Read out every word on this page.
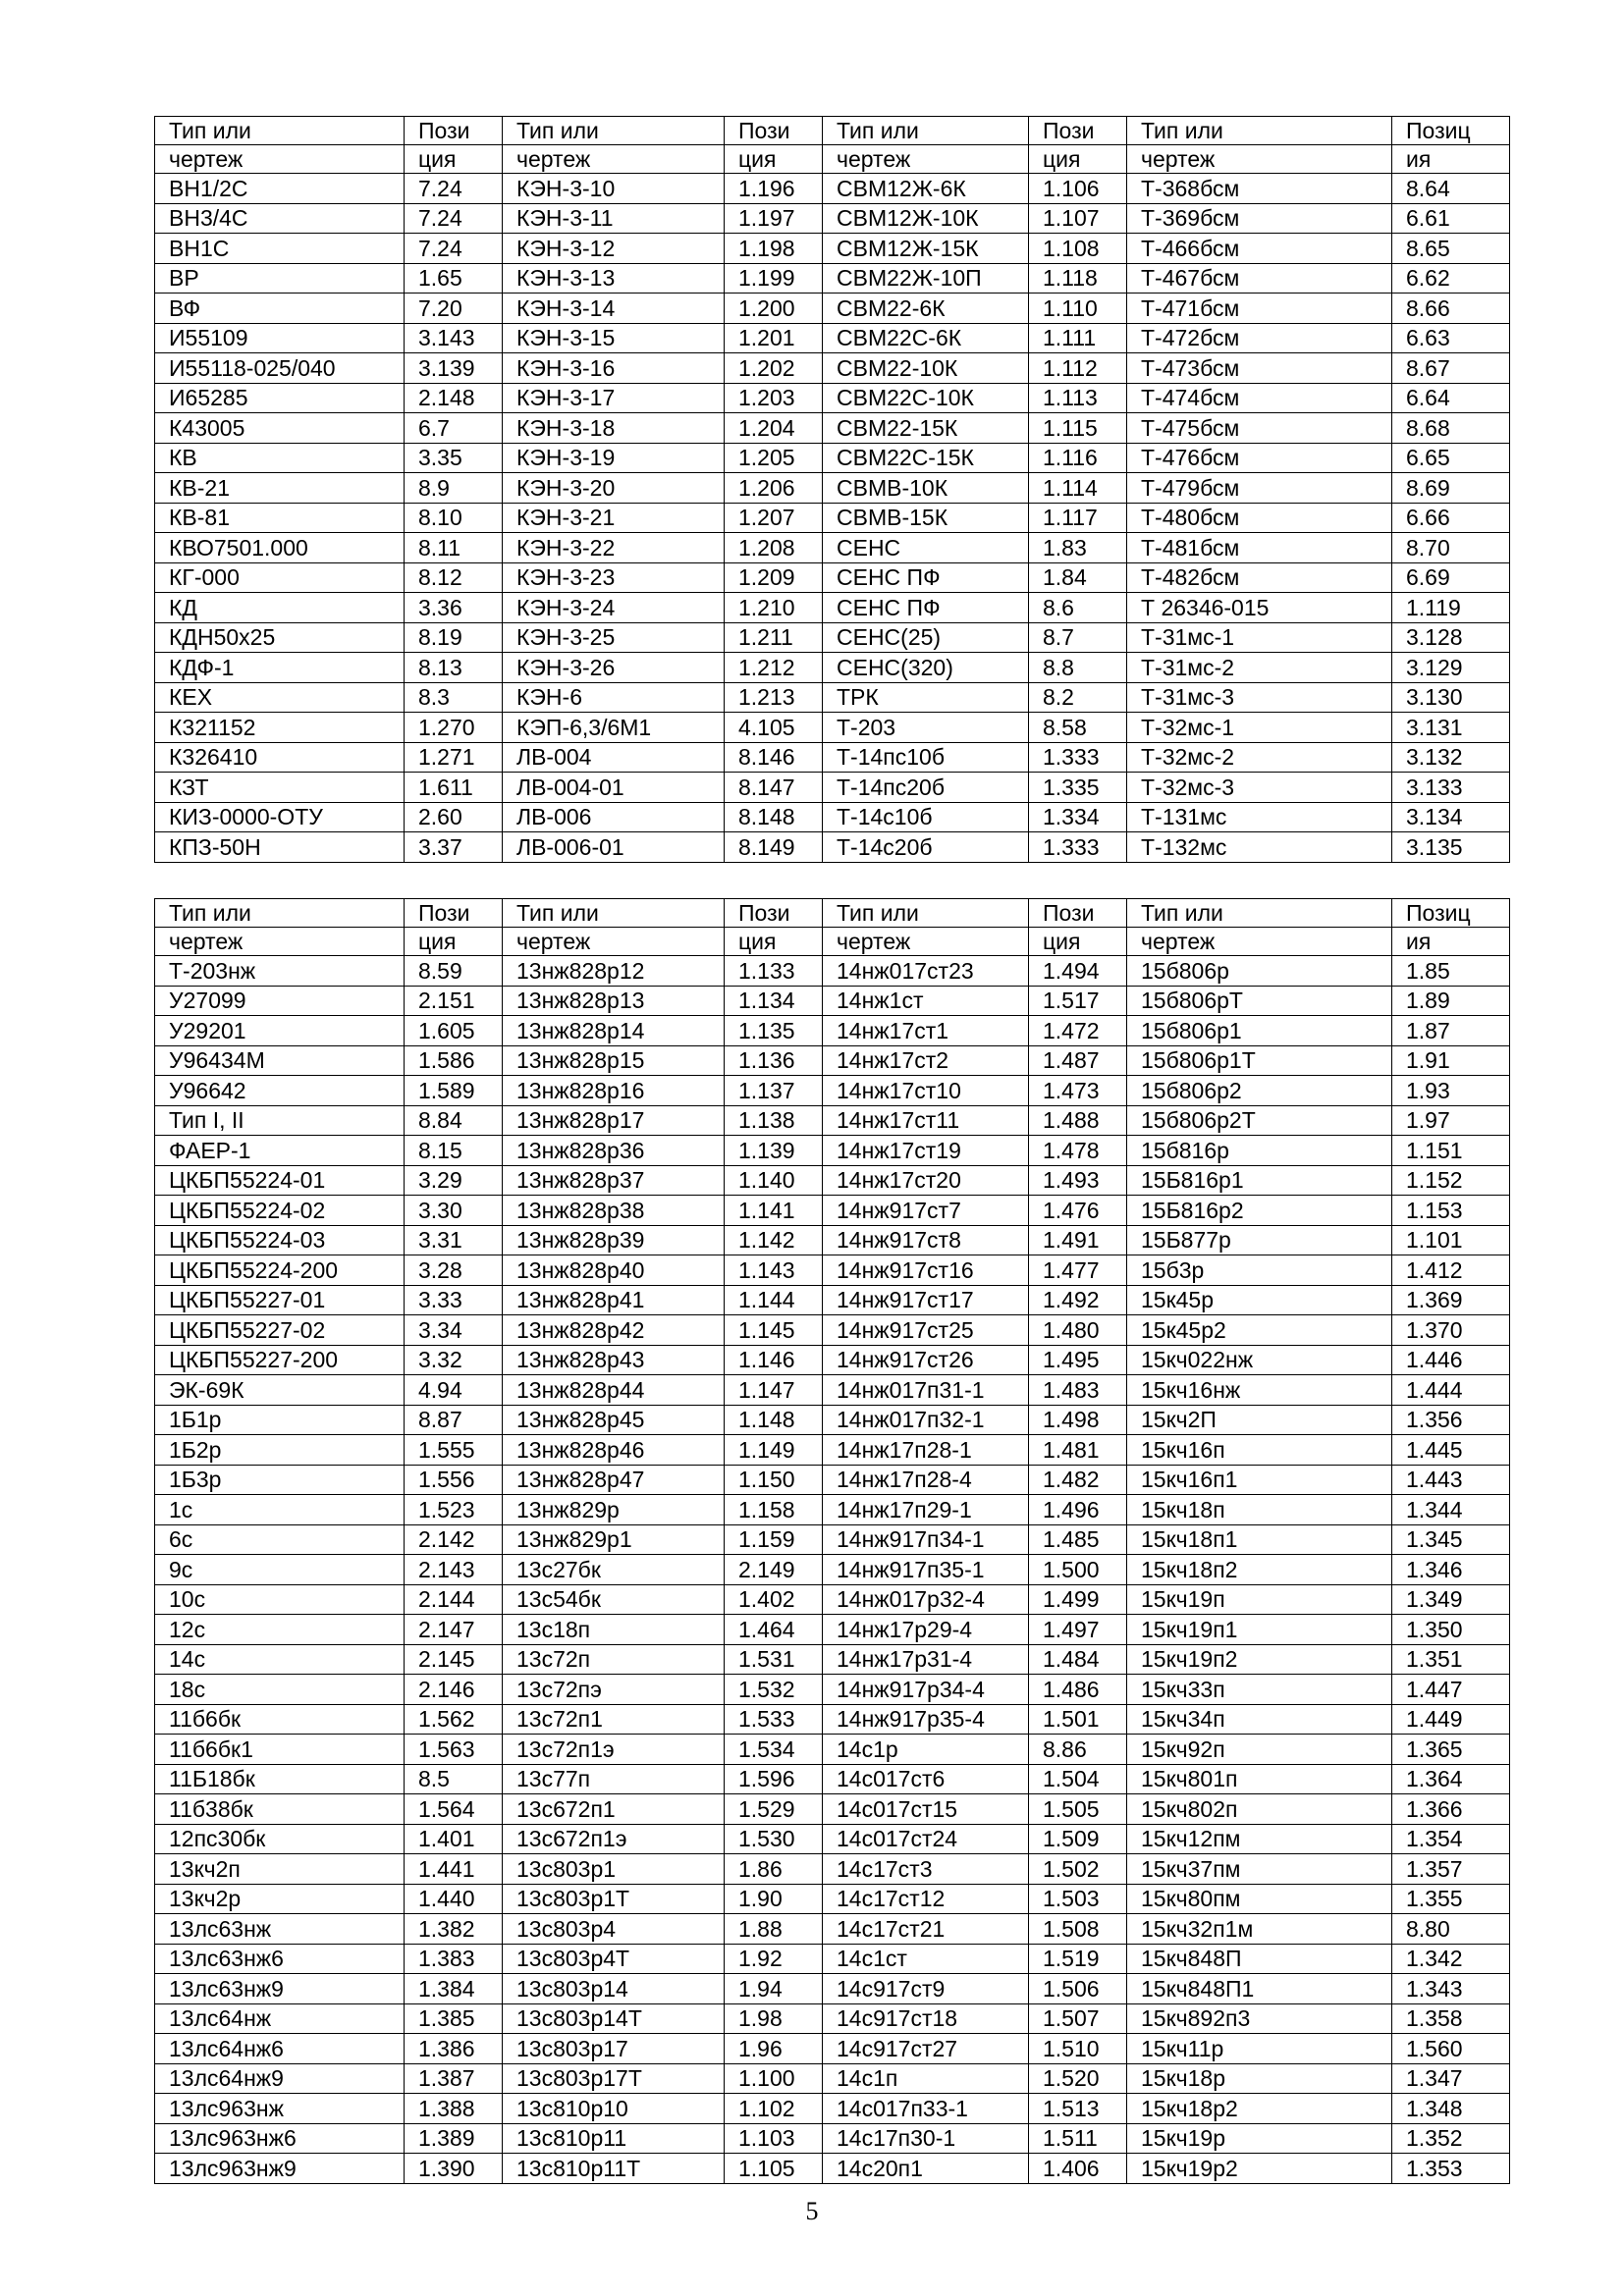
Тип или	Пози	Тип или	Пози	Тип или	Пози	Тип или	Позиц
чертеж	ция	чертеж	ция	чертеж	ция	чертеж	ия
ВН1/2С	7.24	КЭН-3-10	1.196	СВМ12Ж-6К	1.106	Т-368бсм	8.64
ВН3/4С	7.24	КЭН-3-11	1.197	СВМ12Ж-10К	1.107	Т-369бсм	6.61
ВН1С	7.24	КЭН-3-12	1.198	СВМ12Ж-15К	1.108	Т-466бсм	8.65
ВР	1.65	КЭН-3-13	1.199	СВМ22Ж-10П	1.118	Т-467бсм	6.62
ВФ	7.20	КЭН-3-14	1.200	СВМ22-6К	1.110	Т-471бсм	8.66
И55109	3.143	КЭН-3-15	1.201	СВМ22С-6К	1.111	Т-472бсм	6.63
И55118-025/040	3.139	КЭН-3-16	1.202	СВМ22-10К	1.112	Т-473бсм	8.67
И65285	2.148	КЭН-3-17	1.203	СВМ22С-10К	1.113	Т-474бсм	6.64
К43005	6.7	КЭН-3-18	1.204	СВМ22-15К	1.115	Т-475бсм	8.68
КВ	3.35	КЭН-3-19	1.205	СВМ22С-15К	1.116	Т-476бсм	6.65
КВ-21	8.9	КЭН-3-20	1.206	СВМВ-10К	1.114	Т-479бсм	8.69
КВ-81	8.10	КЭН-3-21	1.207	СВМВ-15К	1.117	Т-480бсм	6.66
КВО7501.000	8.11	КЭН-3-22	1.208	СЕНС	1.83	Т-481бсм	8.70
КГ-000	8.12	КЭН-3-23	1.209	СЕНС ПФ	1.84	Т-482бсм	6.69
КД	3.36	КЭН-3-24	1.210	СЕНС ПФ	8.6	Т 26346-015	1.119
КДН50х25	8.19	КЭН-3-25	1.211	СЕНС(25)	8.7	Т-31мс-1	3.128
КДФ-1	8.13	КЭН-3-26	1.212	СЕНС(320)	8.8	Т-31мс-2	3.129
КЕХ	8.3	КЭН-6	1.213	ТРК	8.2	Т-31мс-3	3.130
К321152	1.270	КЭП-6,3/6М1	4.105	Т-203	8.58	Т-32мс-1	3.131
К326410	1.271	ЛВ-004	8.146	Т-14пс10б	1.333	Т-32мс-2	3.132
КЗТ	1.611	ЛВ-004-01	8.147	Т-14пс20б	1.335	Т-32мс-3	3.133
КИЗ-0000-ОТУ	2.60	ЛВ-006	8.148	Т-14с10б	1.334	Т-131мс	3.134
КПЗ-50Н	3.37	ЛВ-006-01	8.149	Т-14с20б	1.333	Т-132мс	3.135
Тип или	Пози	Тип или	Пози	Тип или	Пози	Тип или	Позиц
чертеж	ция	чертеж	ция	чертеж	ция	чертеж	ия
Т-203нж	8.59	13нж828р12	1.133	14нж017ст23	1.494	15б806р	1.85
У27099	2.151	13нж828р13	1.134	14нж1ст	1.517	15б806рТ	1.89
У29201	1.605	13нж828р14	1.135	14нж17ст1	1.472	15б806р1	1.87
У96434М	1.586	13нж828р15	1.136	14нж17ст2	1.487	15б806р1Т	1.91
У96642	1.589	13нж828р16	1.137	14нж17ст10	1.473	15б806р2	1.93
Тип I, II	8.84	13нж828р17	1.138	14нж17ст11	1.488	15б806р2Т	1.97
ФАЕР-1	8.15	13нж828р36	1.139	14нж17ст19	1.478	15б816р	1.151
ЦКБП55224-01	3.29	13нж828р37	1.140	14нж17ст20	1.493	15Б816р1	1.152
ЦКБП55224-02	3.30	13нж828р38	1.141	14нж917ст7	1.476	15Б816р2	1.153
ЦКБП55224-03	3.31	13нж828р39	1.142	14нж917ст8	1.491	15Б877р	1.101
ЦКБП55224-200	3.28	13нж828р40	1.143	14нж917ст16	1.477	15б3р	1.412
ЦКБП55227-01	3.33	13нж828р41	1.144	14нж917ст17	1.492	15к45р	1.369
ЦКБП55227-02	3.34	13нж828р42	1.145	14нж917ст25	1.480	15к45р2	1.370
ЦКБП55227-200	3.32	13нж828р43	1.146	14нж917ст26	1.495	15кч022нж	1.446
ЭК-69К	4.94	13нж828р44	1.147	14нж017п31-1	1.483	15кч16нж	1.444
1Б1р	8.87	13нж828р45	1.148	14нж017п32-1	1.498	15кч2П	1.356
1Б2р	1.555	13нж828р46	1.149	14нж17п28-1	1.481	15кч16п	1.445
1Б3р	1.556	13нж828р47	1.150	14нж17п28-4	1.482	15кч16п1	1.443
1с	1.523	13нж829р	1.158	14нж17п29-1	1.496	15кч18п	1.344
6с	2.142	13нж829р1	1.159	14нж917п34-1	1.485	15кч18п1	1.345
9с	2.143	13с27бк	2.149	14нж917п35-1	1.500	15кч18п2	1.346
10с	2.144	13с54бк	1.402	14нж017р32-4	1.499	15кч19п	1.349
12с	2.147	13с18п	1.464	14нж17р29-4	1.497	15кч19п1	1.350
14с	2.145	13с72п	1.531	14нж17р31-4	1.484	15кч19п2	1.351
18с	2.146	13с72пэ	1.532	14нж917р34-4	1.486	15кч33п	1.447
11б6бк	1.562	13с72п1	1.533	14нж917р35-4	1.501	15кч34п	1.449
11б6бк1	1.563	13с72п1э	1.534	14с1р	8.86	15кч92п	1.365
11Б18бк	8.5	13с77п	1.596	14с017ст6	1.504	15кч801п	1.364
11б38бк	1.564	13с672п1	1.529	14с017ст15	1.505	15кч802п	1.366
12пс30бк	1.401	13с672п1э	1.530	14с017ст24	1.509	15кч12пм	1.354
13кч2п	1.441	13с803р1	1.86	14с17ст3	1.502	15кч37пм	1.357
13кч2р	1.440	13с803р1Т	1.90	14с17ст12	1.503	15кч80пм	1.355
13лс63нж	1.382	13с803р4	1.88	14с17ст21	1.508	15кч32п1м	8.80
13лс63нж6	1.383	13с803р4Т	1.92	14с1ст	1.519	15кч848П	1.342
13лс63нж9	1.384	13с803р14	1.94	14с917ст9	1.506	15кч848П1	1.343
13лс64нж	1.385	13с803р14Т	1.98	14с917ст18	1.507	15кч892п3	1.358
13лс64нж6	1.386	13с803р17	1.96	14с917ст27	1.510	15кч11р	1.560
13лс64нж9	1.387	13с803р17Т	1.100	14с1п	1.520	15кч18р	1.347
13лс963нж	1.388	13с810р10	1.102	14с017п33-1	1.513	15кч18р2	1.348
13лс963нж6	1.389	13с810р11	1.103	14с17п30-1	1.511	15кч19р	1.352
13лс963нж9	1.390	13с810р11Т	1.105	14с20п1	1.406	15кч19р2	1.353
5
